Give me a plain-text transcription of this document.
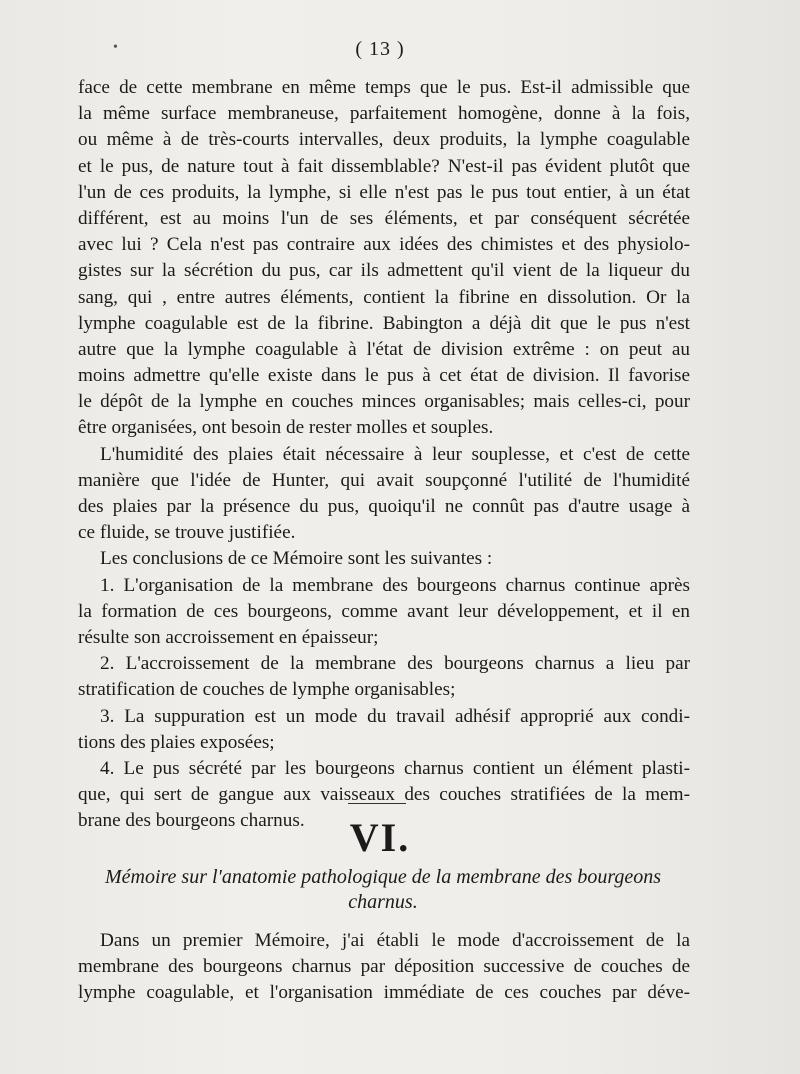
•	( 13 )
face de cette membrane en même temps que le pus. Est-il admissible que
la même surface membraneuse, parfaitement homogène, donne à la fois,
ou même à de très-courts intervalles, deux produits, la lymphe coagulable
et le pus, de nature tout à fait dissemblable? N'est-il pas évident plutôt que
l'un de ces produits, la lymphe, si elle n'est pas le pus tout entier, à un état
différent, est au moins l'un de ses éléments, et par conséquent sécrétée
avec lui ? Cela n'est pas contraire aux idées des chimistes et des physiolo-
gistes sur la sécrétion du pus, car ils admettent qu'il vient de la liqueur du
sang, qui , entre autres éléments, contient la fibrine en dissolution. Or la
lymphe coagulable est de la fibrine. Babington a déjà dit que le pus n'est
autre que la lymphe coagulable à l'état de division extrême : on peut au
moins admettre qu'elle existe dans le pus à cet état de division. Il favorise
le dépôt de la lymphe en couches minces organisables; mais celles-ci, pour
être organisées, ont besoin de rester molles et souples.
L'humidité des plaies était nécessaire à leur souplesse, et c'est de cette
manière que l'idée de Hunter, qui avait soupçonné l'utilité de l'humidité
des plaies par la présence du pus, quoiqu'il ne connût pas d'autre usage à
ce fluide, se trouve justifiée.
Les conclusions de ce Mémoire sont les suivantes :
1. L'organisation de la membrane des bourgeons charnus continue après
la formation de ces bourgeons, comme avant leur développement, et il en
résulte son accroissement en épaisseur;
2. L'accroissement de la membrane des bourgeons charnus a lieu par
stratification de couches de lymphe organisables;
3. La suppuration est un mode du travail adhésif approprié aux condi-
tions des plaies exposées;
4. Le pus sécrété par les bourgeons charnus contient un élément plasti-
que, qui sert de gangue aux vaisseaux des couches stratifiées de la mem-
brane des bourgeons charnus.	VI.
Mémoire sur l'anatomie pathologique de la membrane des bourgeons
charnus.
Dans un premier Mémoire, j'ai établi le mode d'accroissement de la
membrane des bourgeons charnus par déposition successive de couches de
lymphe coagulable, et l'organisation immédiate de ces couches par déve-
